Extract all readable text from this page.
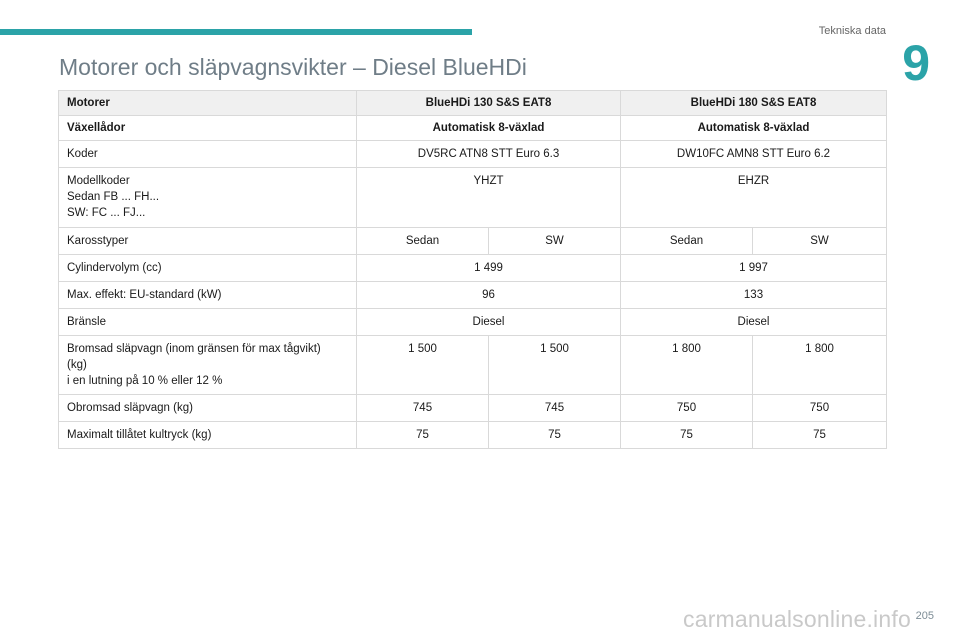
Tekniska data
9
Motorer och släpvagnsvikter – Diesel BlueHDi
Motorer	BlueHDi 130 S&S EAT8		BlueHDi 180 S&S EAT8	
Växellådor	Automatisk 8-växlad		Automatisk 8-växlad	
Koder	DV5RC ATN8 STT Euro 6.3		DW10FC AMN8 STT Euro 6.2	

Modellkoder
Sedan FB ... FH...
SW: FC ... FJ...	YHZT		EHZR	
Karosstyper	Sedan	SW	Sedan	SW
Cylindervolym (cc)	1 499		1 997	
Max. effekt: EU-standard (kW)	96		133	
Bränsle	Diesel		Diesel	

Bromsad släpvagn (inom gränsen för max tågvikt)
(kg)
i en lutning på 10 % eller 12 %	1 500	1 500	1 800	1 800
Obromsad släpvagn (kg)	745	745	750	750
Maximalt tillåtet kultryck (kg)	75	75	75	75
205
carmanualsonline.info
